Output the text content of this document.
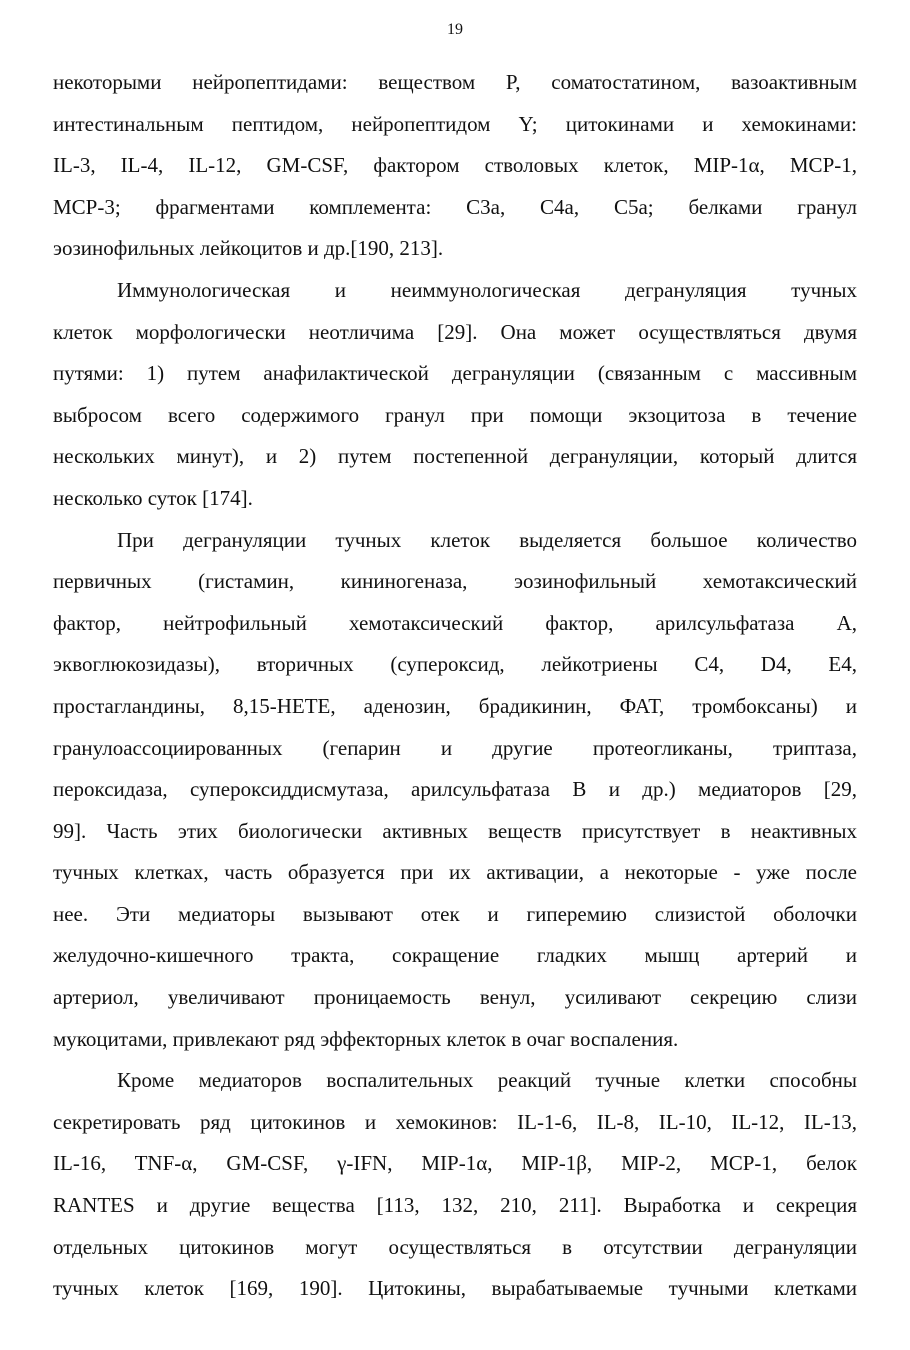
19
некоторыми нейропептидами: веществом P, соматостатином, вазоактивным
интестинальным пептидом, нейропептидом Y; цитокинами и хемокинами:
IL-3, IL-4, IL-12, GM-CSF, фактором стволовых клеток, MIP-1α, MCP-1,
MCP-3; фрагментами комплемента: C3a, C4a, C5a; белками гранул
эозинофильных лейкоцитов и др.[190, 213].
Иммунологическая и неиммунологическая дегрануляция тучных
клеток морфологически неотличима [29]. Она может осуществляться двумя
путями: 1) путем анафилактической дегрануляции (связанным с массивным
выбросом всего содержимого гранул при помощи экзоцитоза в течение
нескольких минут), и 2) путем постепенной дегрануляции, который длится
несколько суток [174].
При дегрануляции тучных клеток выделяется большое количество
первичных (гистамин, кининогеназа, эозинофильный хемотаксический
фактор, нейтрофильный хемотаксический фактор, арилсульфатаза А,
эквоглюкозидазы), вторичных (супероксид, лейкотриены С4, D4, Е4,
простагландины, 8,15-НЕТЕ, аденозин, брадикинин, ФАТ, тромбоксаны) и
гранулоассоциированных (гепарин и другие протеогликаны, триптаза,
пероксидаза, супероксиддисмутаза, арилсульфатаза В и др.) медиаторов [29,
99]. Часть этих биологически активных веществ присутствует в неактивных
тучных клетках, часть образуется при их активации, а некоторые - уже после
нее. Эти медиаторы вызывают отек и гиперемию слизистой оболочки
желудочно-кишечного тракта, сокращение гладких мышц артерий и
артериол, увеличивают проницаемость венул, усиливают секрецию слизи
мукоцитами, привлекают ряд эффекторных клеток в очаг воспаления.
Кроме медиаторов воспалительных реакций тучные клетки способны
секретировать ряд цитокинов и хемокинов: IL-1-6, IL-8, IL-10, IL-12, IL-13,
IL-16, TNF-α, GM-CSF, γ-IFN, MIP-1α, MIP-1β, MIP-2, MCP-1, белок
RANTES и другие вещества [113, 132, 210, 211]. Выработка и секреция
отдельных цитокинов могут осуществляться в отсутствии дегрануляции
тучных клеток [169, 190]. Цитокины, вырабатываемые тучными клетками
